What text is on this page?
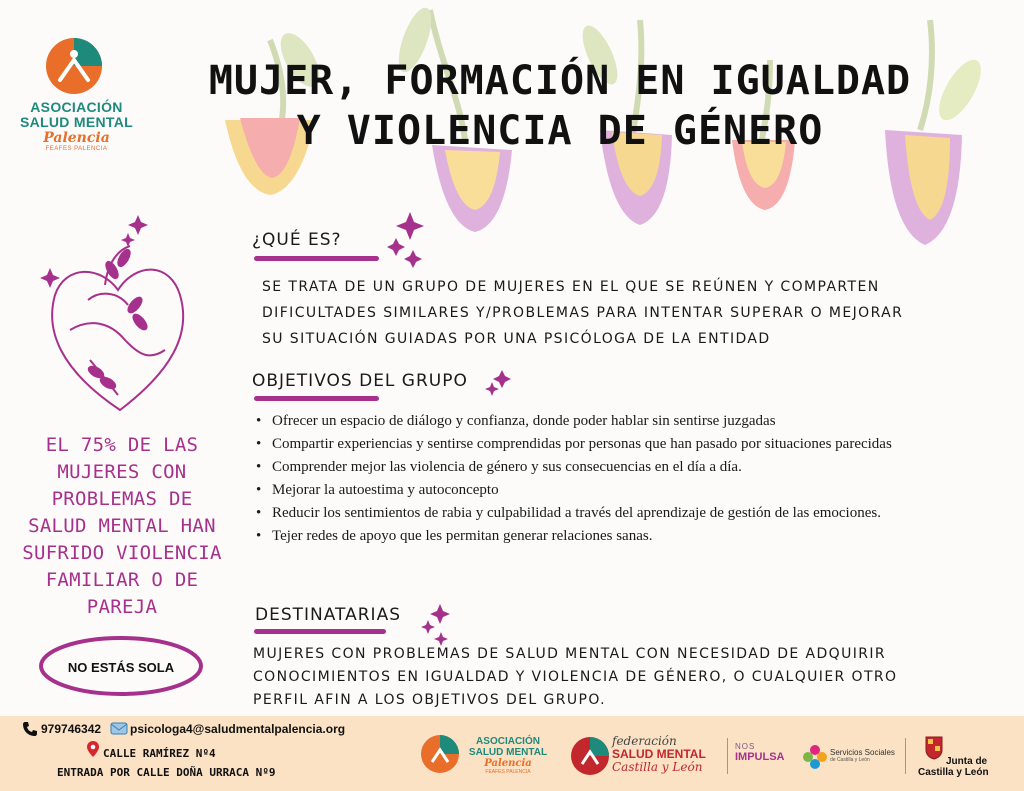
ASOCIACIÓN
SALUD MENTAL
Palencia
FEAFES PALENCIA
MUJER, FORMACIÓN EN IGUALDAD
Y VIOLENCIA DE GÉNERO
¿QUÉ ES?
SE TRATA DE UN GRUPO DE MUJERES EN EL QUE SE REÚNEN Y COMPARTEN
DIFICULTADES SIMILARES Y/PROBLEMAS PARA INTENTAR SUPERAR O MEJORAR
SU SITUACIÓN GUIADAS POR UNA PSICÓLOGA DE LA ENTIDAD
OBJETIVOS DEL GRUPO
• Ofrecer un espacio de diálogo y confianza, donde poder hablar sin sentirse juzgadas
• Compartir experiencias y sentirse comprendidas por personas que han pasado por situaciones parecidas
• Comprender mejor las violencia de género y sus consecuencias en el día a día.
• Mejorar la autoestima y autoconcepto
• Reducir los sentimientos de rabia y culpabilidad a través del aprendizaje de gestión de las emociones.
• Tejer redes de apoyo que les permitan generar relaciones sanas.
DESTINATARIAS
MUJERES CON PROBLEMAS DE SALUD MENTAL CON NECESIDAD DE ADQUIRIR
CONOCIMIENTOS EN IGUALDAD Y VIOLENCIA DE GÉNERO, O CUALQUIER OTRO
PERFIL AFIN A LOS OBJETIVOS DEL GRUPO.
EL 75% DE LAS
MUJERES CON
PROBLEMAS DE
SALUD MENTAL HAN
SUFRIDO VIOLENCIA
FAMILIAR O DE
PAREJA
NO ESTÁS SOLA
979746342 psicologa4@saludmentalpalencia.org
CALLE RAMÍREZ Nº4
ENTRADA POR CALLE DOÑA URRACA Nº9
ASOCIACIÓN
SALUD MENTAL
Palencia
FEAFES PALENCIA
federación
SALUD MENTAL
Castilla y León
NOS
IMPULSA	Servicios Sociales
de Castilla y León	Junta de
Castilla y León
